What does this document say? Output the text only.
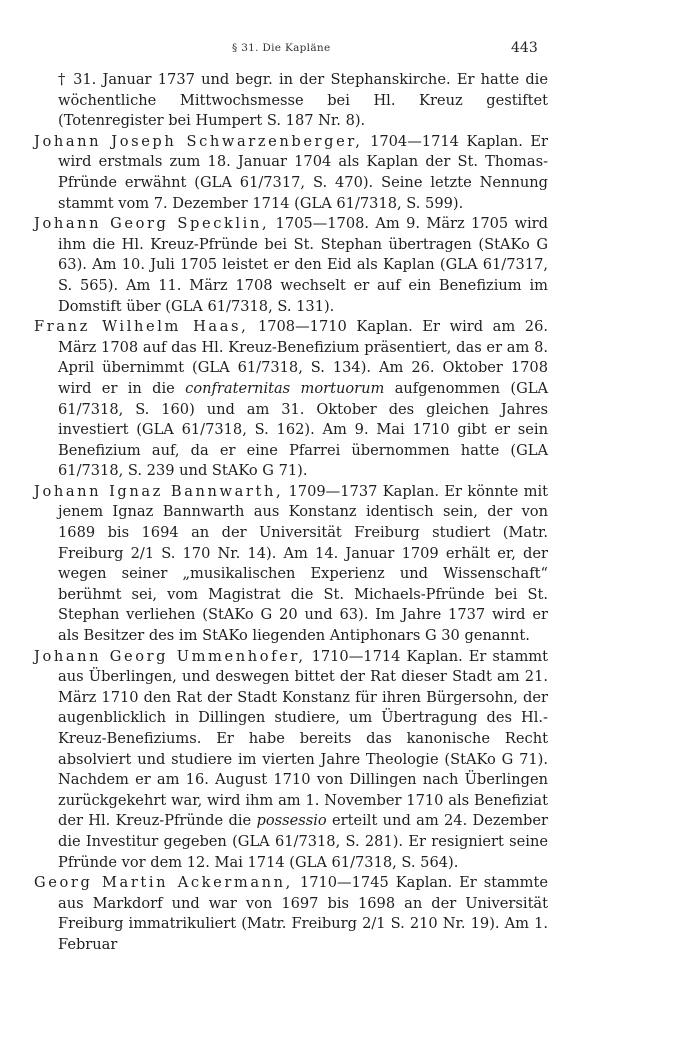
§ 31. Die Kapläne	443

† 31. Januar 1737 und begr. in der Stephanskirche. Er hatte die wöchentliche Mittwochsmesse bei Hl. Kreuz gestiftet (Totenregister bei Humpert S. 187 Nr. 8).

Johann Joseph Schwarzenberger, 1704—1714 Kaplan. Er wird erstmals zum 18. Januar 1704 als Kaplan der St. Thomas-Pfründe erwähnt (GLA 61/7317, S. 470). Seine letzte Nennung stammt vom 7. Dezember 1714 (GLA 61/7318, S. 599).

Johann Georg Specklin, 1705—1708. Am 9. März 1705 wird ihm die Hl. Kreuz-Pfründe bei St. Stephan übertragen (StAKo G 63). Am 10. Juli 1705 leistet er den Eid als Kaplan (GLA 61/7317, S. 565). Am 11. März 1708 wechselt er auf ein Benefizium im Domstift über (GLA 61/7318, S. 131).

Franz Wilhelm Haas, 1708—1710 Kaplan. Er wird am 26. März 1708 auf das Hl. Kreuz-Benefizium präsentiert, das er am 8. April übernimmt (GLA 61/7318, S. 134). Am 26. Oktober 1708 wird er in die confraternitas mortuorum aufgenommen (GLA 61/7318, S. 160) und am 31. Oktober des gleichen Jahres investiert (GLA 61/7318, S. 162). Am 9. Mai 1710 gibt er sein Benefizium auf, da er eine Pfarrei übernommen hatte (GLA 61/7318, S. 239 und StAKo G 71).

Johann Ignaz Bannwarth, 1709—1737 Kaplan. Er könnte mit jenem Ignaz Bannwarth aus Konstanz identisch sein, der von 1689 bis 1694 an der Universität Freiburg studiert (Matr. Freiburg 2/1 S. 170 Nr. 14). Am 14. Januar 1709 erhält er, der wegen seiner „musikalischen Experienz und Wissenschaft“ berühmt sei, vom Magistrat die St. Michaels-Pfründe bei St. Stephan verliehen (StAKo G 20 und 63). Im Jahre 1737 wird er als Besitzer des im StAKo liegenden Antiphonars G 30 genannt.

Johann Georg Ummenhofer, 1710—1714 Kaplan. Er stammt aus Überlingen, und deswegen bittet der Rat dieser Stadt am 21. März 1710 den Rat der Stadt Konstanz für ihren Bürgersohn, der augenblicklich in Dillingen studiere, um Übertragung des Hl.-Kreuz-Benefiziums. Er habe bereits das kanonische Recht absolviert und studiere im vierten Jahre Theologie (StAKo G 71). Nachdem er am 16. August 1710 von Dillingen nach Überlingen zurückgekehrt war, wird ihm am 1. November 1710 als Benefiziat der Hl. Kreuz-Pfründe die possessio erteilt und am 24. Dezember die Investitur gegeben (GLA 61/7318, S. 281). Er resigniert seine Pfründe vor dem 12. Mai 1714 (GLA 61/7318, S. 564).

Georg Martin Ackermann, 1710—1745 Kaplan. Er stammte aus Markdorf und war von 1697 bis 1698 an der Universität Freiburg immatrikuliert (Matr. Freiburg 2/1 S. 210 Nr. 19). Am 1. Februar
